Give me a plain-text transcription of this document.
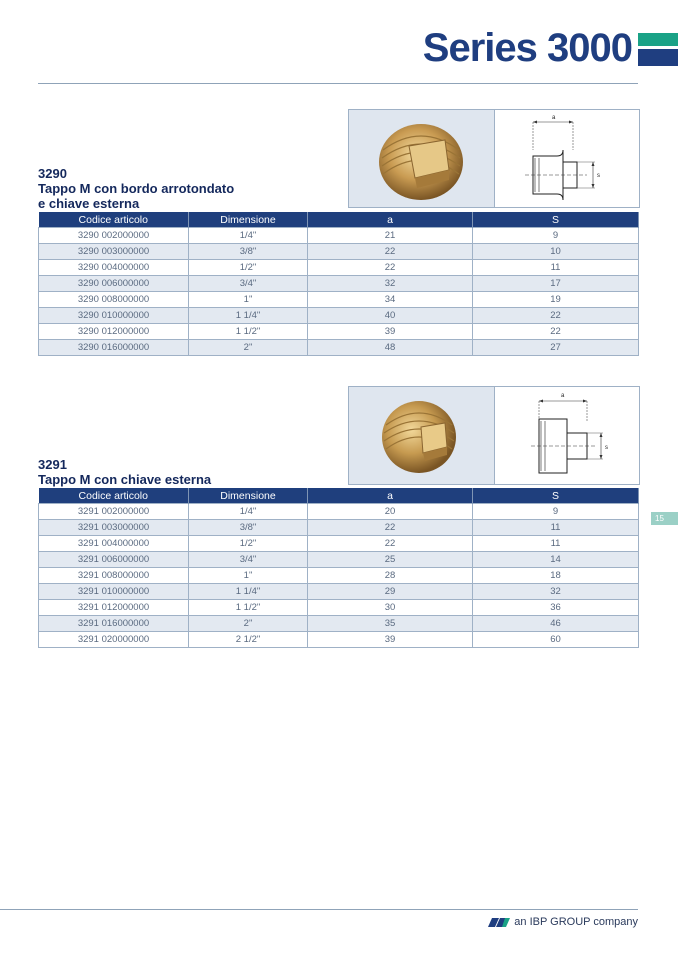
Series 3000
a
s
3290
Tappo M con bordo arrotondato
e chiave esterna
Codice articolo	Dimensione	a	S
3290 002000000	1/4"	21	9
3290 003000000	3/8"	22	10
3290 004000000	1/2"	22	11
3290 006000000	3/4"	32	17
3290 008000000	1"	34	19
3290 010000000	1 1/4"	40	22
3290 012000000	1 1/2"	39	22
3290 016000000	2"	48	27
a
s
3291
Tappo M con chiave esterna
Codice articolo	Dimensione	a	S
3291 002000000	1/4"	20	9
3291 003000000	3/8"	22	11
3291 004000000	1/2"	22	11
3291 006000000	3/4"	25	14
3291 008000000	1"	28	18
3291 010000000	1 1/4"	29	32
3291 012000000	1 1/2"	30	36
3291 016000000	2"	35	46
3291 020000000	2 1/2"	39	60
15
an IBP GROUP company
